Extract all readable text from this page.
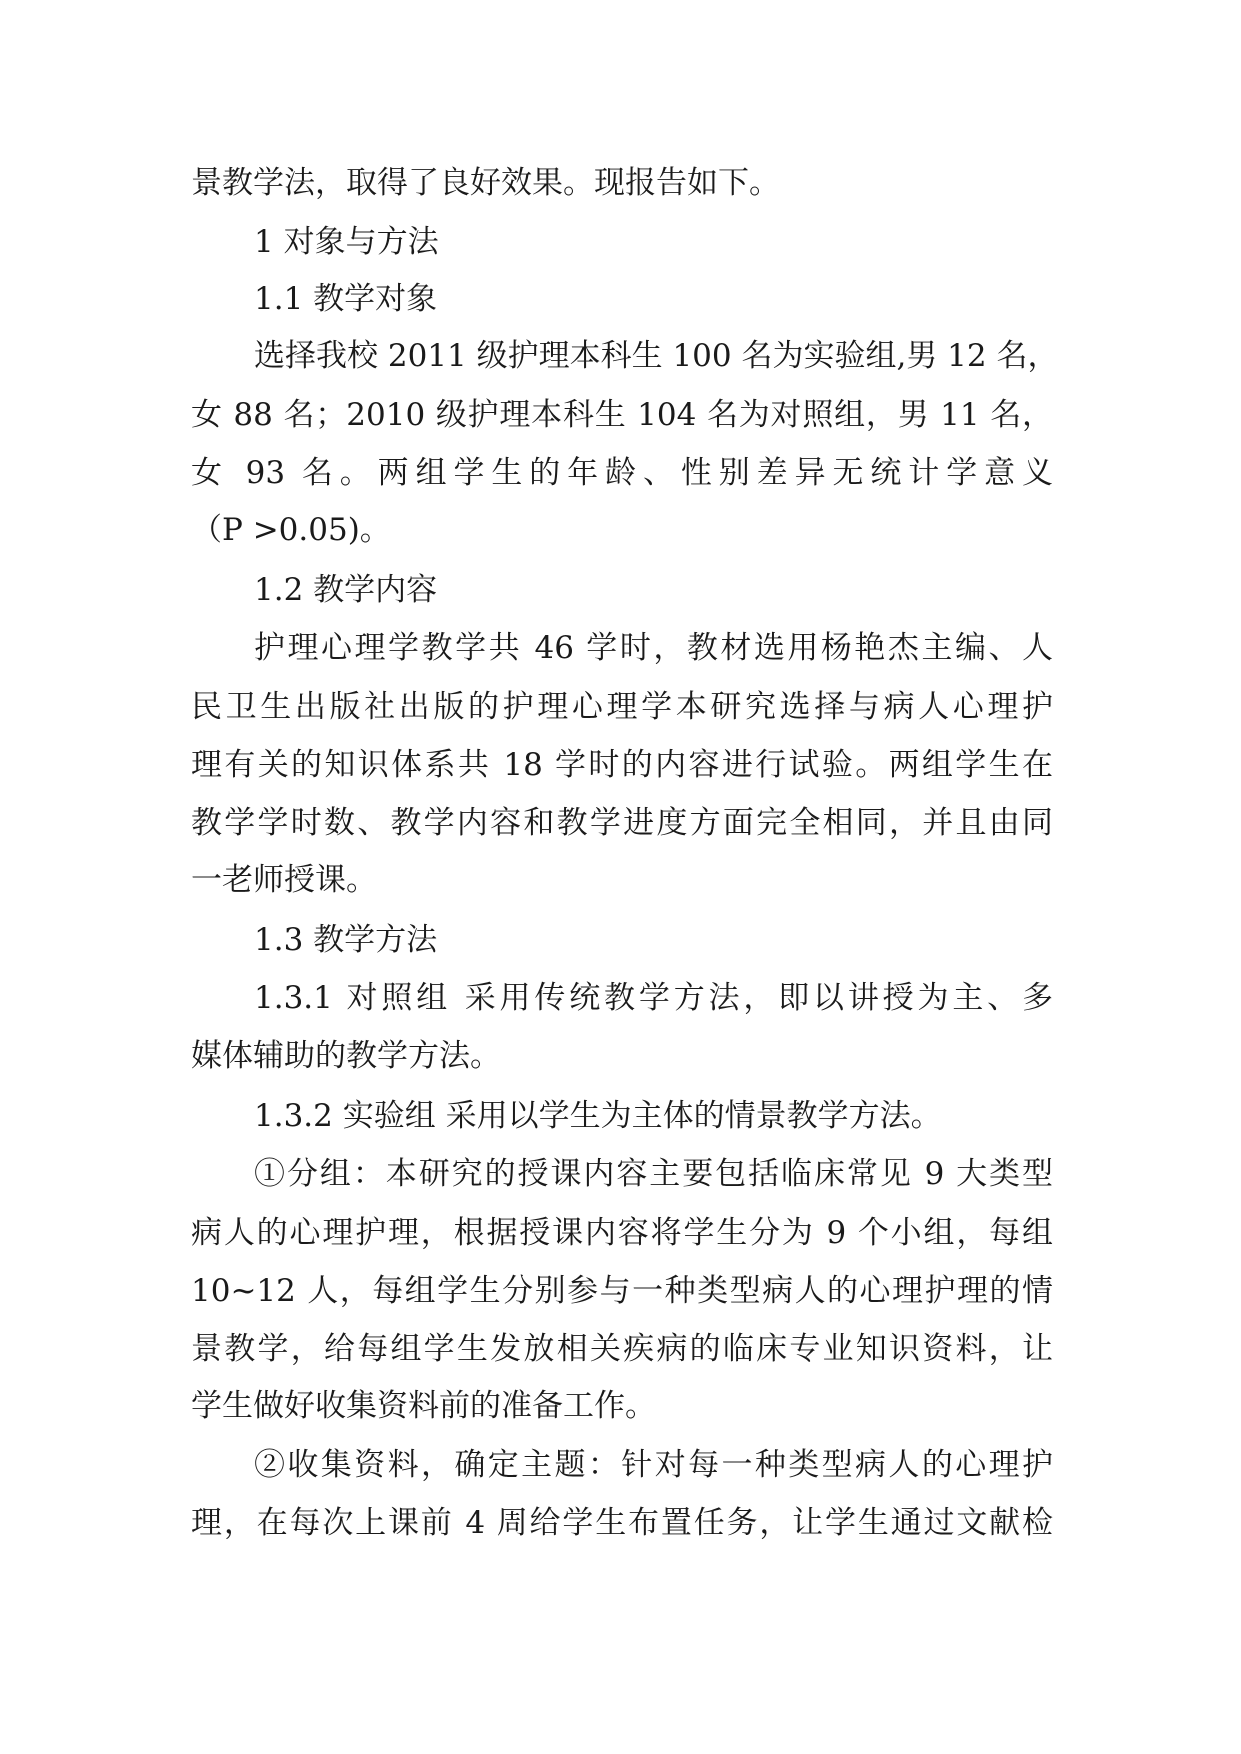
景教学法，取得了良好效果。现报告如下。
1 对象与方法
1.1 教学对象
选择我校 2011 级护理本科生 100 名为实验组,男 12 名，
女 88 名；2010 级护理本科生 104 名为对照组，男 11 名，
女 93 名。两组学生的年龄、性别差异无统计学意义
（P >0.05)。
1.2 教学内容
护理心理学教学共 46 学时，教材选用杨艳杰主编、人
民卫生出版社出版的护理心理学本研究选择与病人心理护
理有关的知识体系共 18 学时的内容进行试验。两组学生在
教学学时数、教学内容和教学进度方面完全相同，并且由同
一老师授课。
1.3 教学方法
1.3.1 对照组 采用传统教学方法，即以讲授为主、多
媒体辅助的教学方法。
1.3.2 实验组 采用以学生为主体的情景教学方法。
①分组：本研究的授课内容主要包括临床常见 9 大类型
病人的心理护理，根据授课内容将学生分为 9 个小组，每组
10~12 人，每组学生分别参与一种类型病人的心理护理的情
景教学，给每组学生发放相关疾病的临床专业知识资料，让
学生做好收集资料前的准备工作。
②收集资料，确定主题：针对每一种类型病人的心理护
理，在每次上课前 4 周给学生布置任务，让学生通过文献检
